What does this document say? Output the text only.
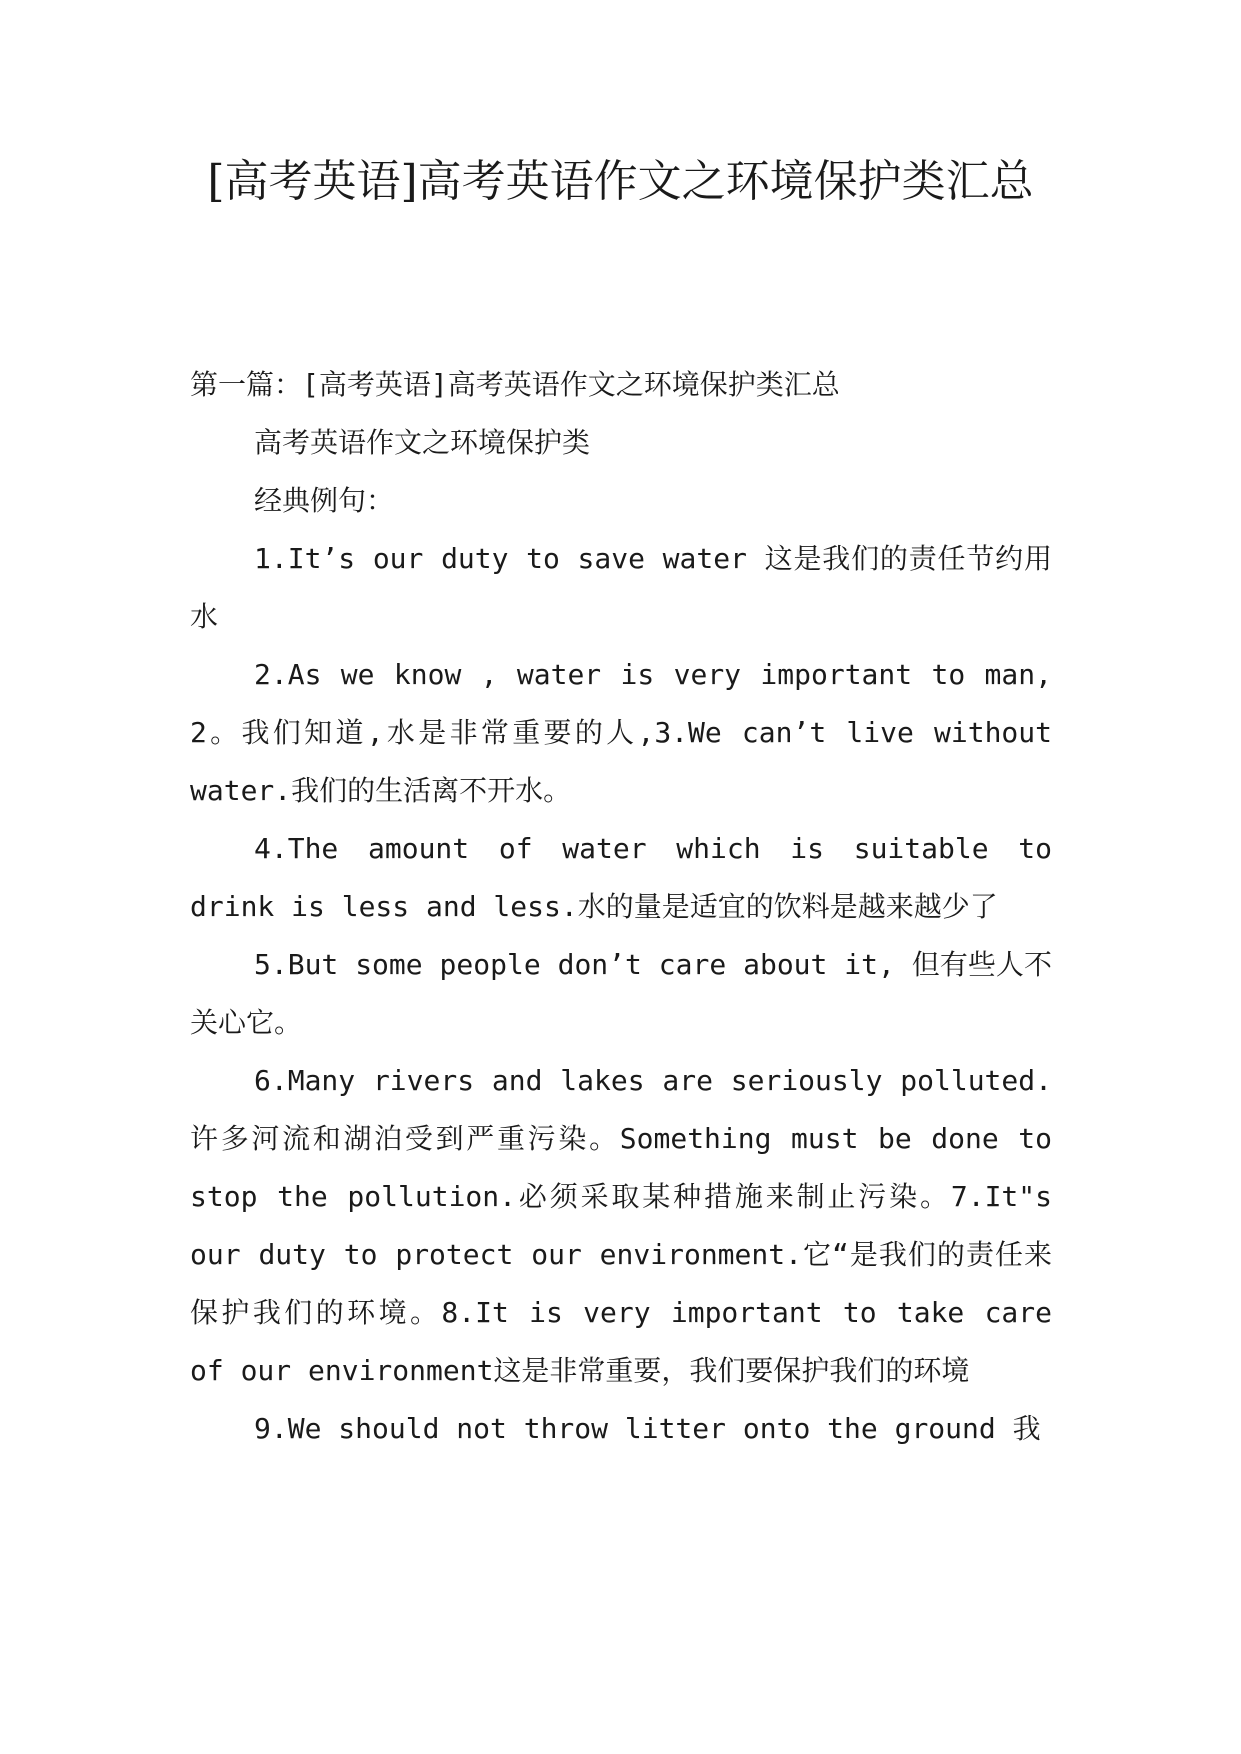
[高考英语]高考英语作文之环境保护类汇总

第一篇：[高考英语]高考英语作文之环境保护类汇总

高考英语作文之环境保护类

经典例句：

1.It’s our duty to save water 这是我们的责任节约用水

2.As we know , water is very important to man, 2。我们知道,水是非常重要的人,3.We can’t live without water.我们的生活离不开水。

4.The amount of water which is suitable to drink is less and less.水的量是适宜的饮料是越来越少了

5.But some people don’t care about it, 但有些人不关心它。

6.Many rivers and lakes are seriously polluted.许多河流和湖泊受到严重污染。Something must be done to stop the pollution.必须采取某种措施来制止污染。7.It"s our duty to protect our environment.它“是我们的责任来保护我们的环境。8.It is very important to take care of our environment这是非常重要，我们要保护我们的环境

9.We should not throw litter onto the ground 我
